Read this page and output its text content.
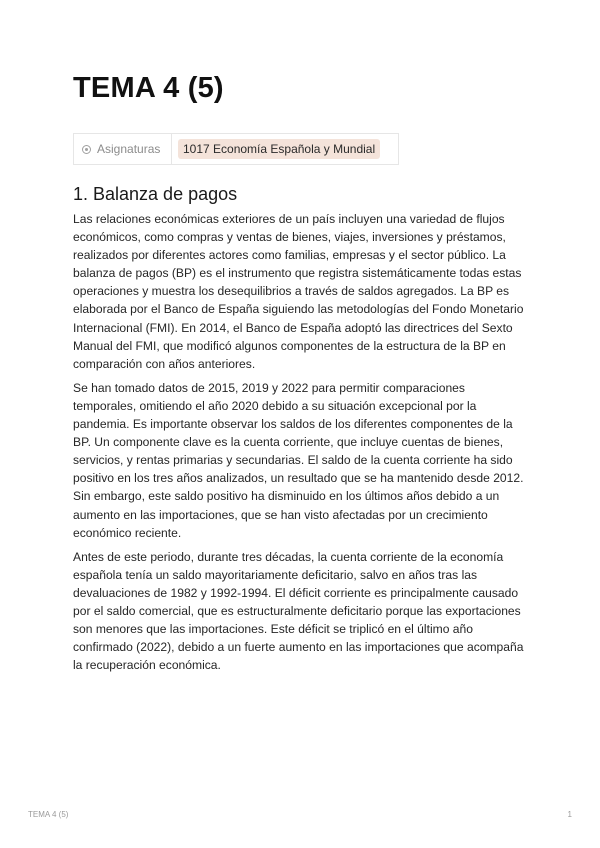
TEMA 4 (5)
Asignaturas	1017 Economía Española y Mundial
1. Balanza de pagos

Las relaciones económicas exteriores de un país incluyen una variedad de flujos económicos, como compras y ventas de bienes, viajes, inversiones y préstamos, realizados por diferentes actores como familias, empresas y el sector público. La balanza de pagos (BP) es el instrumento que registra sistemáticamente todas estas operaciones y muestra los desequilibrios a través de saldos agregados. La BP es elaborada por el Banco de España siguiendo las metodologías del Fondo Monetario Internacional (FMI). En 2014, el Banco de España adoptó las directrices del Sexto Manual del FMI, que modificó algunos componentes de la estructura de la BP en comparación con años anteriores.

Se han tomado datos de 2015, 2019 y 2022 para permitir comparaciones temporales, omitiendo el año 2020 debido a su situación excepcional por la pandemia. Es importante observar los saldos de los diferentes componentes de la BP. Un componente clave es la cuenta corriente, que incluye cuentas de bienes, servicios, y rentas primarias y secundarias. El saldo de la cuenta corriente ha sido positivo en los tres años analizados, un resultado que se ha mantenido desde 2012. Sin embargo, este saldo positivo ha disminuido en los últimos años debido a un aumento en las importaciones, que se han visto afectadas por un crecimiento económico reciente.

Antes de este periodo, durante tres décadas, la cuenta corriente de la economía española tenía un saldo mayoritariamente deficitario, salvo en años tras las devaluaciones de 1982 y 1992-1994. El déficit corriente es principalmente causado por el saldo comercial, que es estructuralmente deficitario porque las exportaciones son menores que las importaciones. Este déficit se triplicó en el último año confirmado (2022), debido a un fuerte aumento en las importaciones que acompaña la recuperación económica.

TEMA 4 (5)	1
